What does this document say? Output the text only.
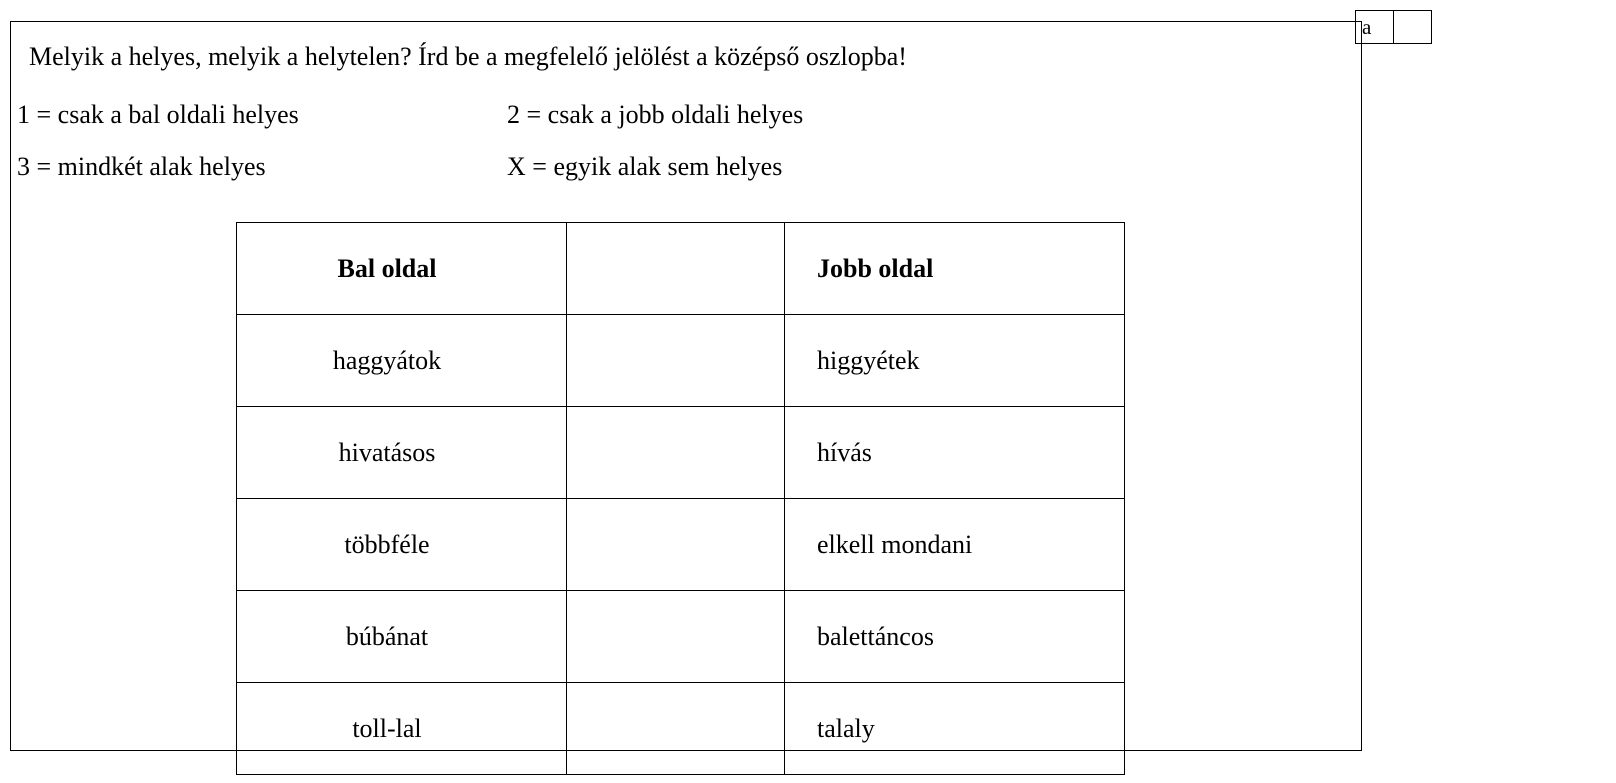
a
Melyik a helyes, melyik a helytelen? Írd be a megfelelő jelölést a középső oszlopba!
1 = csak a bal oldali helyes	2 = csak a jobb oldali helyes
3 = mindkét alak helyes	X = egyik alak sem helyes
Bal oldal		Jobb oldal
haggyátok		higgyétek
hivatásos		hívás
többféle		elkell mondani
búbánat		balettáncos
toll-lal		talaly
